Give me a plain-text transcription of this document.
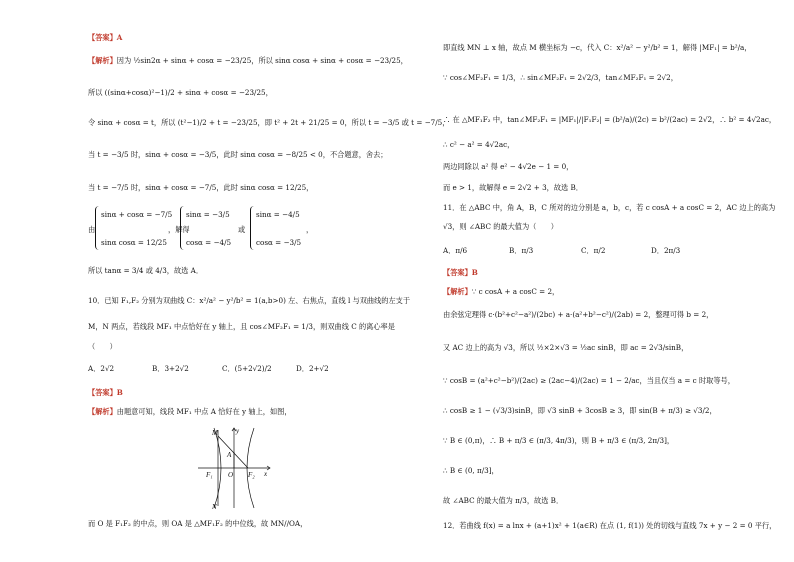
【答案】A
【解析】因为 ½sin2α + sinα + cosα = −23/25，所以 sinα cosα + sinα + cosα = −23/25，
所以 ((sinα+cosα)²−1)/2 + sinα + cosα = −23/25，
令 sinα + cosα = t，所以 (t²−1)/2 + t = −23/25，即 t² + 2t + 21/25 = 0，所以 t = −3/5 或 t = −7/5，
当 t = −3/5 时，sinα + cosα = −3/5，此时 sinα cosα = −8/25 < 0，不合题意，舍去；
当 t = −7/5 时，sinα + cosα = −7/5，此时 sinα cosα = 12/25，
由
sinα + cosα = −7/5
sinα cosα = 12/25
，解得
sinα = −3/5
cosα = −4/5
或
sinα = −4/5
cosα = −3/5
，
所以 tanα = 3/4 或 4/3，故选 A．
10．已知 F₁,F₂ 分别为双曲线 C：x²/a² − y²/b² = 1(a,b>0) 左、右焦点，直线 l 与双曲线的左支于
M，N 两点，若线段 MF₁ 中点恰好在 y 轴上，且 cos∠MF₂F₁ = 1/3，则双曲线 C 的离心率是
（　　）
A．2√2	B．3+2√2	C．(5+2√2)/2	D．2+√2
【答案】B
【解析】由题意可知，线段 MF₁ 中点 A 恰好在 y 轴上，如图，
M	y
A
O
F₁	F₂ x
N
而 O 是 F₁F₂ 的中点，则 OA 是 △MF₁F₂ 的中位线，故 MN//OA，
即直线 MN ⊥ x 轴，故点 M 横坐标为 −c，代入 C：x²/a² − y²/b² = 1，解得 |MF₁| = b²/a，
∵ cos∠MF₂F₁ = 1/3，∴ sin∠MF₂F₁ = 2√2/3，tan∠MF₂F₁ = 2√2，
∴ 在 △MF₁F₂ 中，tan∠MF₂F₁ = |MF₁|/|F₁F₂| = (b²/a)/(2c) = b²/(2ac) = 2√2，∴ b² = 4√2ac，
∴ c² − a² = 4√2ac，
两边同除以 a² 得 e² − 4√2e − 1 = 0，
而 e > 1，故解得 e = 2√2 + 3，故选 B．
11．在 △ABC 中，角 A，B，C 所对的边分别是 a，b，c，若 c cosA + a cosC = 2，AC 边上的高为
√3，则 ∠ABC 的最大值为（　　）
A．π/6	B．π/3	C．π/2	D．2π/3
【答案】B
【解析】∵ c cosA + a cosC = 2，
由余弦定理得 c·(b²+c²−a²)/(2bc) + a·(a²+b²−c²)/(2ab) = 2，整理可得 b = 2，
又 AC 边上的高为 √3，所以 ½×2×√3 = ½ac sinB，即 ac = 2√3/sinB，
∵ cosB = (a²+c²−b²)/(2ac) ≥ (2ac−4)/(2ac) = 1 − 2/ac，当且仅当 a = c 时取等号，
∴ cosB ≥ 1 − (√3/3)sinB，即 √3 sinB + 3cosB ≥ 3，即 sin(B + π/3) ≥ √3/2，
∵ B ∈ (0,π)，∴ B + π/3 ∈ (π/3, 4π/3)，则 B + π/3 ∈ (π/3, 2π/3]，
∴ B ∈ (0, π/3]，
故 ∠ABC 的最大值为 π/3，故选 B．
12．若曲线 f(x) = a lnx + (a+1)x² + 1(a∈R) 在点 (1, f(1)) 处的切线与直线 7x + y − 2 = 0 平行，
